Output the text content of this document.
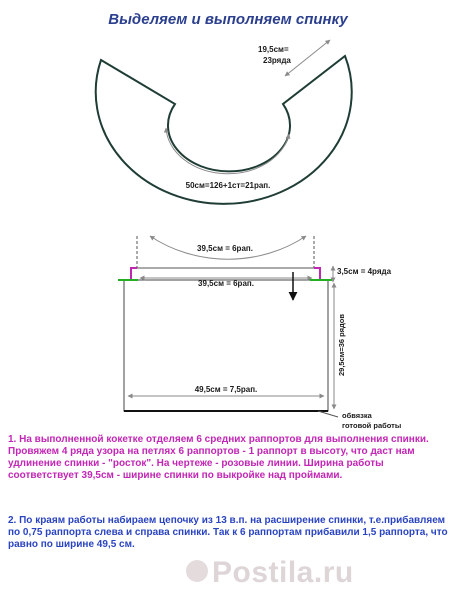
Выделяем и выполняем спинку
19,5см=
23ряда
50см=126+1ст=21рап.
39,5см = 6рап.
39,5см = 6рап.
3,5см = 4ряда
29,5см=36 рядов
49,5см = 7,5рап.
обвязка
готовой работы

1. На выполненной кокетке отделяем 6 средних раппортов для выполнения спинки. Провяжем 4 ряда узора на петлях 6 раппортов - 1 раппорт в высоту, что даст нам удлинение спинки - "росток". На чертеже - розовые линии. Ширина работы соответствует 39,5см - ширине спинки по выкройке над проймами.

2. По краям работы набираем цепочку из 13 в.п. на расширение спинки, т.е.прибавляем по 0,75 раппорта слева и справа спинки. Так к 6 раппортам прибавили 1,5 раппорта, что равно по ширине 49,5 см.

Postila.ru
